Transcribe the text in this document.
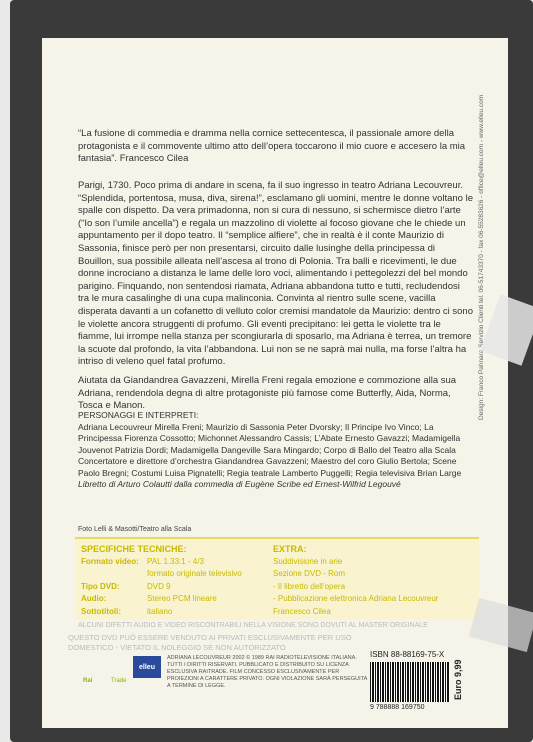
Design: Franco Pahnara Servizio Clienti tel. 06-51743370 - fax 06-55283626 - office@elleu.com - www.elleu.com
“La fusione di commedia e dramma nella cornice settecentesca, il passionale amore della protagonista e il commovente ultimo atto dell’opera toccarono il mio cuore e accesero la mia fantasia”. Francesco Cilea
Parigi, 1730. Poco prima di andare in scena, fa il suo ingresso in teatro Adriana Lecouvreur. “Splendida, portentosa, musa, diva, sirena!”, esclamano gli uomini, mentre le donne voltano le spalle con dispetto. Da vera primadonna, non si cura di nessuno, si schermisce dietro l’arte (“Io son l’umile ancella”) e regala un mazzolino di violette al focoso giovane che le chiede un appuntamento per il dopo teatro. Il “semplice alfiere”, che in realtà è il conte Maurizio di Sassonia, finisce però per non presentarsi, circuito dalle lusinghe della principessa di Bouillon, sua possibile alleata nell’ascesa al trono di Polonia. Tra balli e ricevimenti, le due donne incrociano a distanza le lame delle loro voci, alimentando i pettegolezzi del bel mondo parigino. Finquando, non sentendosi riamata, Adriana abbandona tutto e tutti, recludendosi tra le mura casalinghe di una cupa malinconia. Convinta al rientro sulle scene, vacilla disperata davanti a un cofanetto di velluto color cremisi mandatole da Maurizio: dentro ci sono le violette ancora struggenti di profumo. Gli eventi precipitano: lei getta le violette tra le fiamme, lui irrompe nella stanza per scongiurarla di sposarlo, ma Adriana è terrea, un tremore la scuote dal profondo, la vita l’abbandona. Lui non se ne saprà mai nulla, ma forse l’altra ha intriso di veleno quel fatal profumo.
Aiutata da Giandandrea Gavazzeni, Mirella Freni regala emozione e commozione alla sua Adriana, rendendola degna di altre protagoniste più famose come Butterfly, Aida, Norma, Tosca e Manon.
PERSONAGGI E INTERPRETI:
Adriana Lecouvreur Mirella Freni; Maurizio di Sassonia Peter Dvorsky; Il Principe Ivo Vinco; La Principessa Fiorenza Cossotto; Michonnet Alessandro Cassis; L’Abate Ernesto Gavazzi; Madamigella Jouvenot Patrizia Dordi; Madamigella Dangeville Sara Mingardo; Corpo di Ballo del Teatro alla Scala
Concertatore e direttore d’orchestra Giandandrea Gavazzeni; Maestro del coro Giulio Bertola; Scene Paolo Bregni; Costumi Luisa Pignatelli; Regia teatrale Lamberto Puggelli; Regia televisiva Brian Large
Libretto di Arturo Colautti dalla commedia di Eugène Scribe ed Ernest-Wilfrid Legouvé
Foto Lelli & Masotti/Teatro alla Scala
SPECIFICHE TECNICHE:
Formato video:	PAL 1.33:1 - 4/3
formato originale televisivo
Tipo DVD:	DVD 9
Audio:	Stereo PCM lineare
Sottotitoli:	italiano
EXTRA:
Suddivisione in arie
Sezione DVD - Rom
- Il libretto dell’opera
- Pubblicazione elettronica Adriana Lecouvreur
Francesco Cilea
ALCUNI DIFETTI AUDIO E VIDEO RISCONTRABILI NELLA VISIONE SONO DOVUTI AL MASTER ORIGINALE
QUESTO DVD PUÒ ESSERE VENDUTO AI PRIVATI ESCLUSIVAMENTE PER USO DOMESTICO - VIETATO IL NOLEGGIO SE NON AUTORIZZATO
elleu
Rai	Trade
ADRIANA LECOUVREUR 2002 © 1989 RAI RADIOTELEVISIONE ITALIANA. TUTTI I DIRITTI RISERVATI. PUBBLICATO E DISTRIBUITO SU LICENZA ESCLUSIVA RAITRADE. FILM CONCESSO ESCLUSIVAMENTE PER PROIEZIONI A CARATTERE PRIVATO. OGNI VIOLAZIONE SARÀ PERSEGUITA A TERMINE DI LEGGE.
ISBN 88-88169-75-X
9 788888 169750
Euro 9,99
